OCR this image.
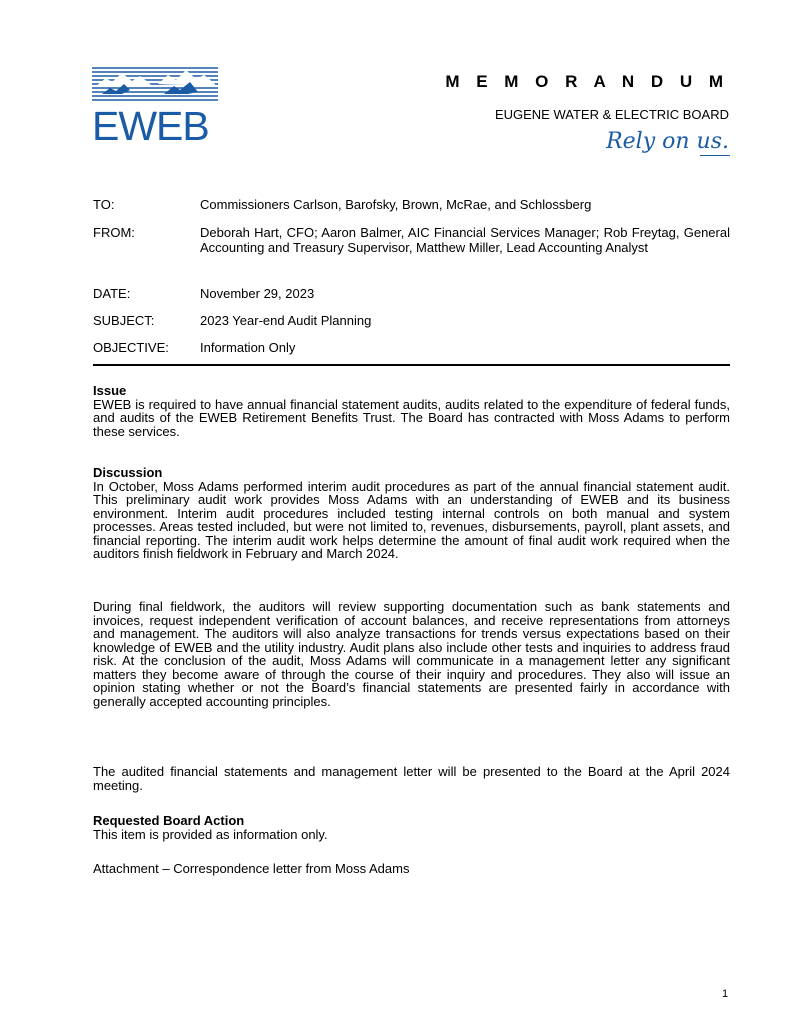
EWEB
M E M O R A N D U M
EUGENE WATER & ELECTRIC BOARD
Rely on us.
TO:	Commissioners Carlson, Barofsky, Brown, McRae, and Schlossberg
FROM:	Deborah Hart, CFO; Aaron Balmer, AIC Financial Services Manager; Rob Freytag, General Accounting and Treasury Supervisor, Matthew Miller, Lead Accounting Analyst
DATE:	November 29, 2023
SUBJECT:	2023 Year-end Audit Planning
OBJECTIVE:	Information Only
Issue

EWEB is required to have annual financial statement audits, audits related to the expenditure of federal funds, and audits of the EWEB Retirement Benefits Trust. The Board has contracted with Moss Adams to perform these services.

Discussion

In October, Moss Adams performed interim audit procedures as part of the annual financial statement audit. This preliminary audit work provides Moss Adams with an understanding of EWEB and its business environment. Interim audit procedures included testing internal controls on both manual and system processes. Areas tested included, but were not limited to, revenues, disbursements, payroll, plant assets, and financial reporting. The interim audit work helps determine the amount of final audit work required when the auditors finish fieldwork in February and March 2024.

During final fieldwork, the auditors will review supporting documentation such as bank statements and invoices, request independent verification of account balances, and receive representations from attorneys and management. The auditors will also analyze transactions for trends versus expectations based on their knowledge of EWEB and the utility industry. Audit plans also include other tests and inquiries to address fraud risk. At the conclusion of the audit, Moss Adams will communicate in a management letter any significant matters they become aware of through the course of their inquiry and procedures. They also will issue an opinion stating whether or not the Board’s financial statements are presented fairly in accordance with generally accepted accounting principles.

The audited financial statements and management letter will be presented to the Board at the April 2024 meeting.

Requested Board Action

This item is provided as information only.

Attachment – Correspondence letter from Moss Adams

1
